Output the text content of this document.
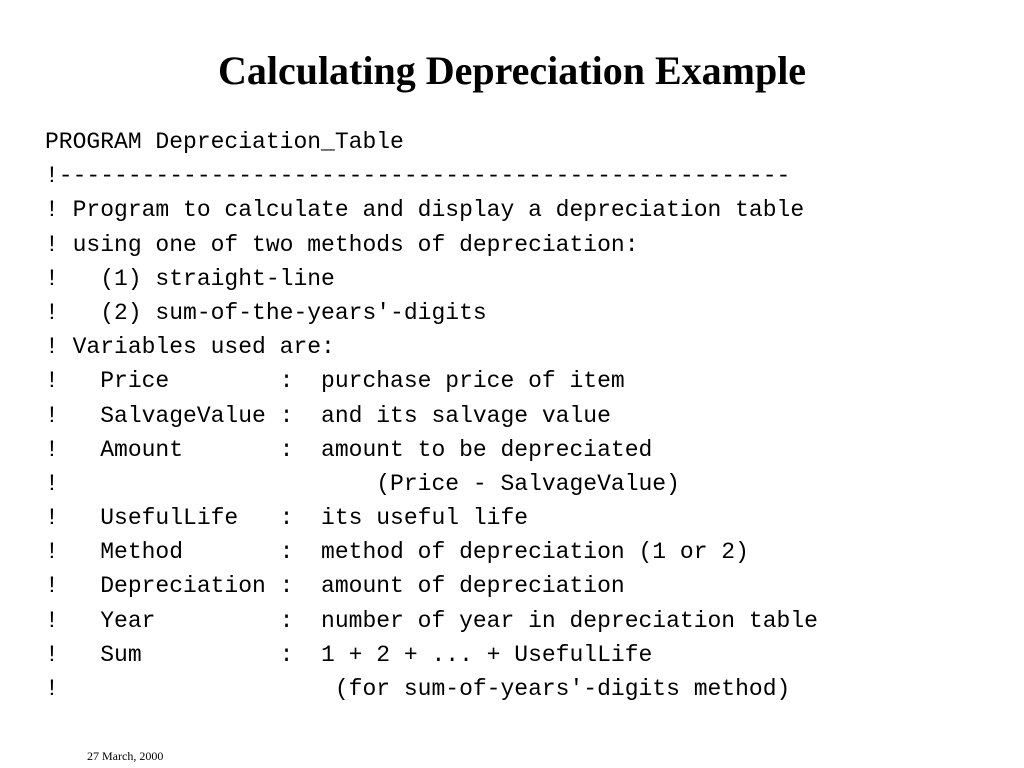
Calculating Depreciation Example
PROGRAM Depreciation_Table
!-----------------------------------------------------
! Program to calculate and display a depreciation table
! using one of two methods of depreciation:
!   (1) straight-line
!   (2) sum-of-the-years'-digits
! Variables used are:
!   Price        :  purchase price of item
!   SalvageValue :  and its salvage value
!   Amount       :  amount to be depreciated
!                       (Price - SalvageValue)
!   UsefulLife   :  its useful life
!   Method       :  method of depreciation (1 or 2)
!   Depreciation :  amount of depreciation
!   Year         :  number of year in depreciation table
!   Sum          :  1 + 2 + ... + UsefulLife
!                    (for sum-of-years'-digits method)
27 March, 2000
